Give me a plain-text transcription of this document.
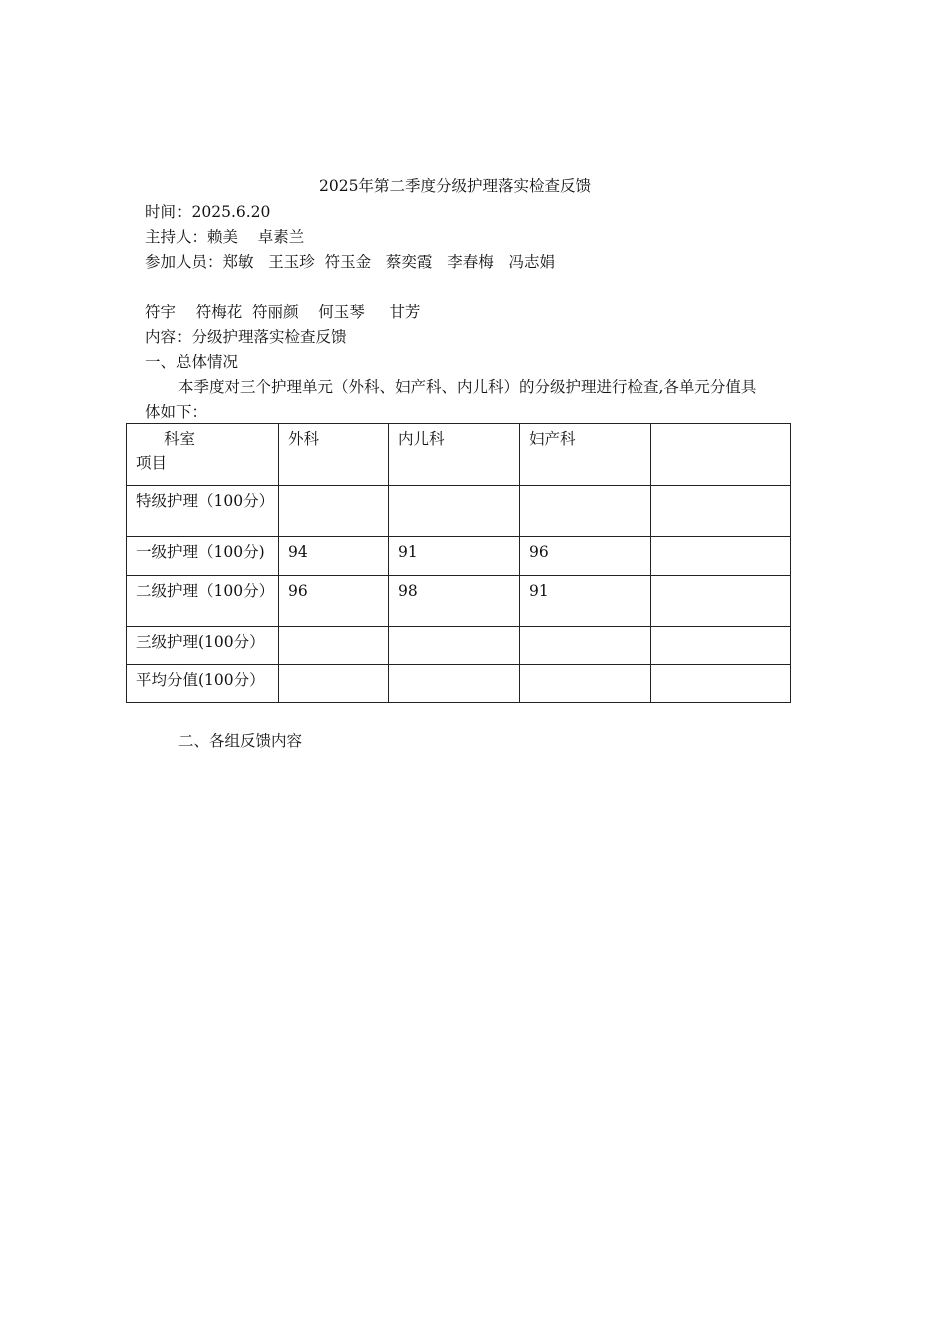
2025年第二季度分级护理落实检查反馈
时间：2025.6.20
主持人：赖美    卓素兰
参加人员：郑敏   王玉珍  符玉金   蔡奕霞   李春梅   冯志娟
符宇    符梅花  符丽颜    何玉琴     甘芳
内容：分级护理落实检查反馈
一、总体情况
本季度对三个护理单元（外科、妇产科、内儿科）的分级护理进行检查,各单元分值具
体如下：
科室
项目	外科	内儿科	妇产科	
特级护理（100分）				
一级护理（100分)	94	91	96	
二级护理（100分）	96	98	91	
三级护理(100分）				
平均分值(100分）				
二、各组反馈内容
